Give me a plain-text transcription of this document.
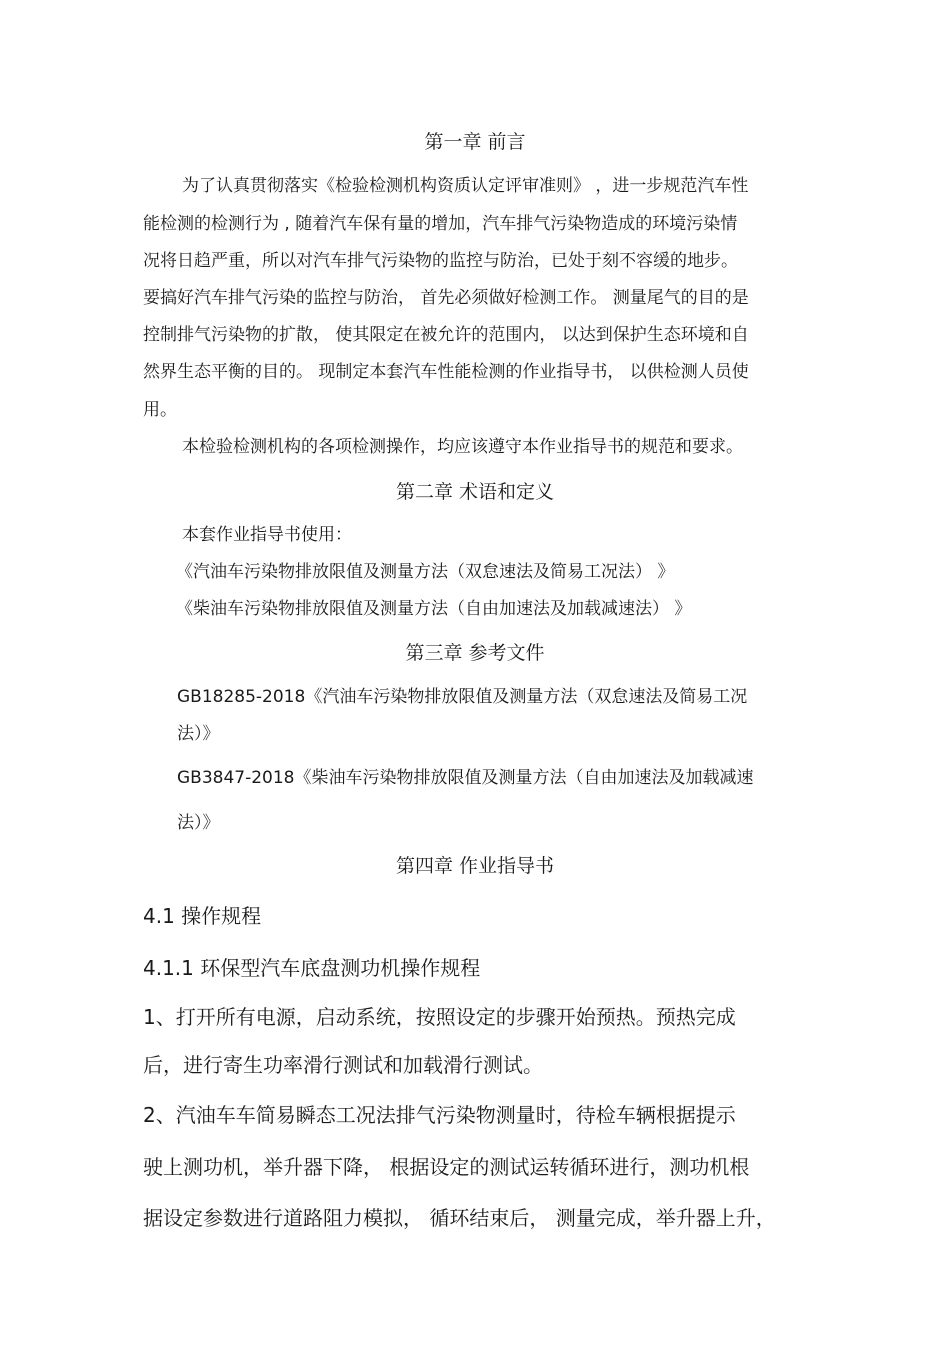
第一章 前言
为了认真贯彻落实《检验检测机构资质认定评审准则》 ，进一步规范汽车性
能检测的检测行为 , 随着汽车保有量的增加，汽车排气污染物造成的环境污染情
况将日趋严重，所以对汽车排气污染物的监控与防治，已处于刻不容缓的地步。
要搞好汽车排气污染的监控与防治， 首先必须做好检测工作。 测量尾气的目的是
控制排气污染物的扩散， 使其限定在被允许的范围内， 以达到保护生态环境和自
然界生态平衡的目的。 现制定本套汽车性能检测的作业指导书， 以供检测人员使
用。
本检验检测机构的各项检测操作，均应该遵守本作业指导书的规范和要求。
第二章 术语和定义
本套作业指导书使用：
《汽油车污染物排放限值及测量方法（双怠速法及简易工况法） 》
《柴油车污染物排放限值及测量方法（自由加速法及加载减速法） 》
第三章 参考文件
GB18285-2018《汽油车污染物排放限值及测量方法（双怠速法及简易工况
法）》
GB3847-2018《柴油车污染物排放限值及测量方法（自由加速法及加载减速
法）》
第四章 作业指导书
4.1 操作规程
4.1.1 环保型汽车底盘测功机操作规程
1、打开所有电源，启动系统，按照设定的步骤开始预热。预热完成
后，进行寄生功率滑行测试和加载滑行测试。
2、汽油车车简易瞬态工况法排气污染物测量时，待检车辆根据提示
驶上测功机，举升器下降， 根据设定的测试运转循环进行，测功机根
据设定参数进行道路阻力模拟， 循环结束后， 测量完成，举升器上升，
